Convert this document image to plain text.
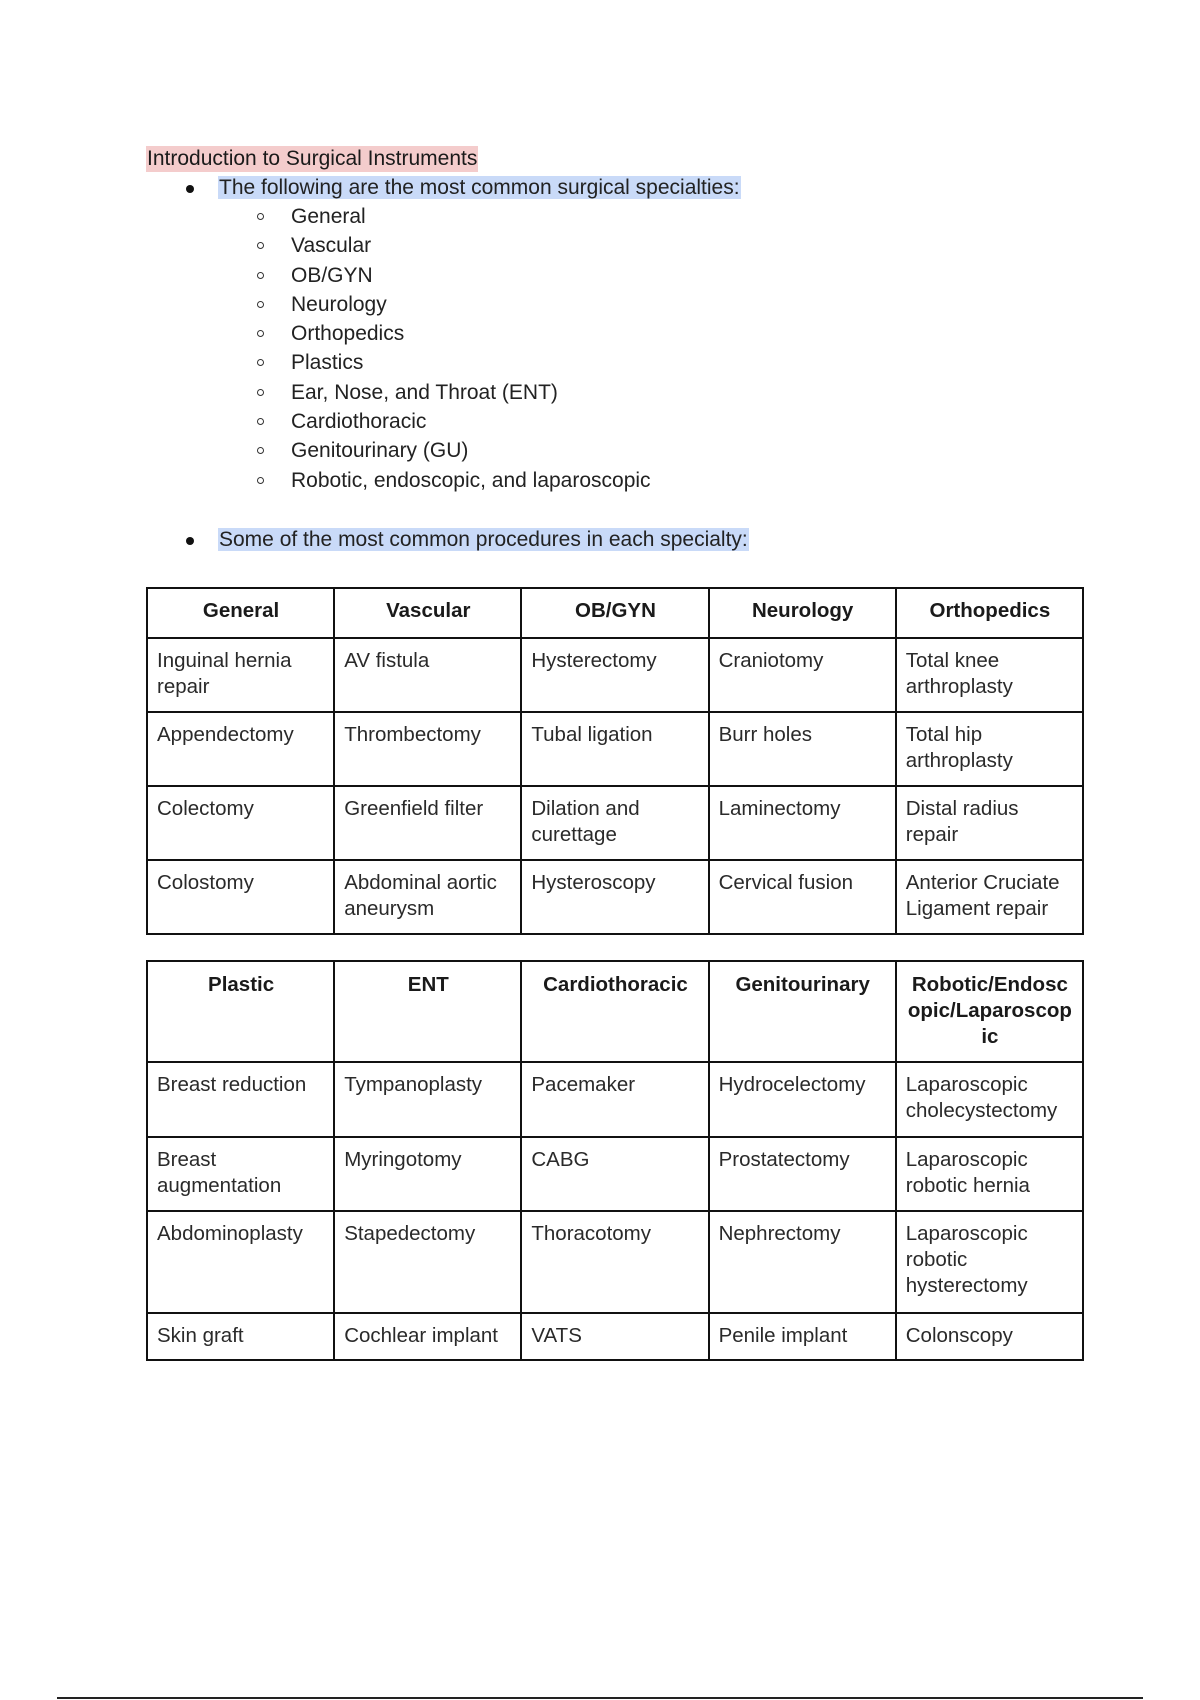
Introduction to Surgical Instruments
The following are the most common surgical specialties:
General
Vascular
OB/GYN
Neurology
Orthopedics
Plastics
Ear, Nose, and Throat (ENT)
Cardiothoracic
Genitourinary (GU)
Robotic, endoscopic, and laparoscopic
Some of the most common procedures in each specialty:
General	Vascular	OB/GYN	Neurology	Orthopedics
Inguinal hernia repair	AV fistula	Hysterectomy	Craniotomy	Total knee arthroplasty
Appendectomy	Thrombectomy	Tubal ligation	Burr holes	Total hip arthroplasty
Colectomy	Greenfield filter	Dilation and curettage	Laminectomy	Distal radius repair
Colostomy	Abdominal aortic aneurysm	Hysteroscopy	Cervical fusion	Anterior Cruciate Ligament repair
Plastic	ENT	Cardiothoracic	Genitourinary	Robotic/Endoscopic/Laparoscopic
Breast reduction	Tympanoplasty	Pacemaker	Hydrocelectomy	Laparoscopic cholecystectomy
Breast augmentation	Myringotomy	CABG	Prostatectomy	Laparoscopic robotic hernia
Abdominoplasty	Stapedectomy	Thoracotomy	Nephrectomy	Laparoscopic robotic hysterectomy
Skin graft	Cochlear implant	VATS	Penile implant	Colonscopy
